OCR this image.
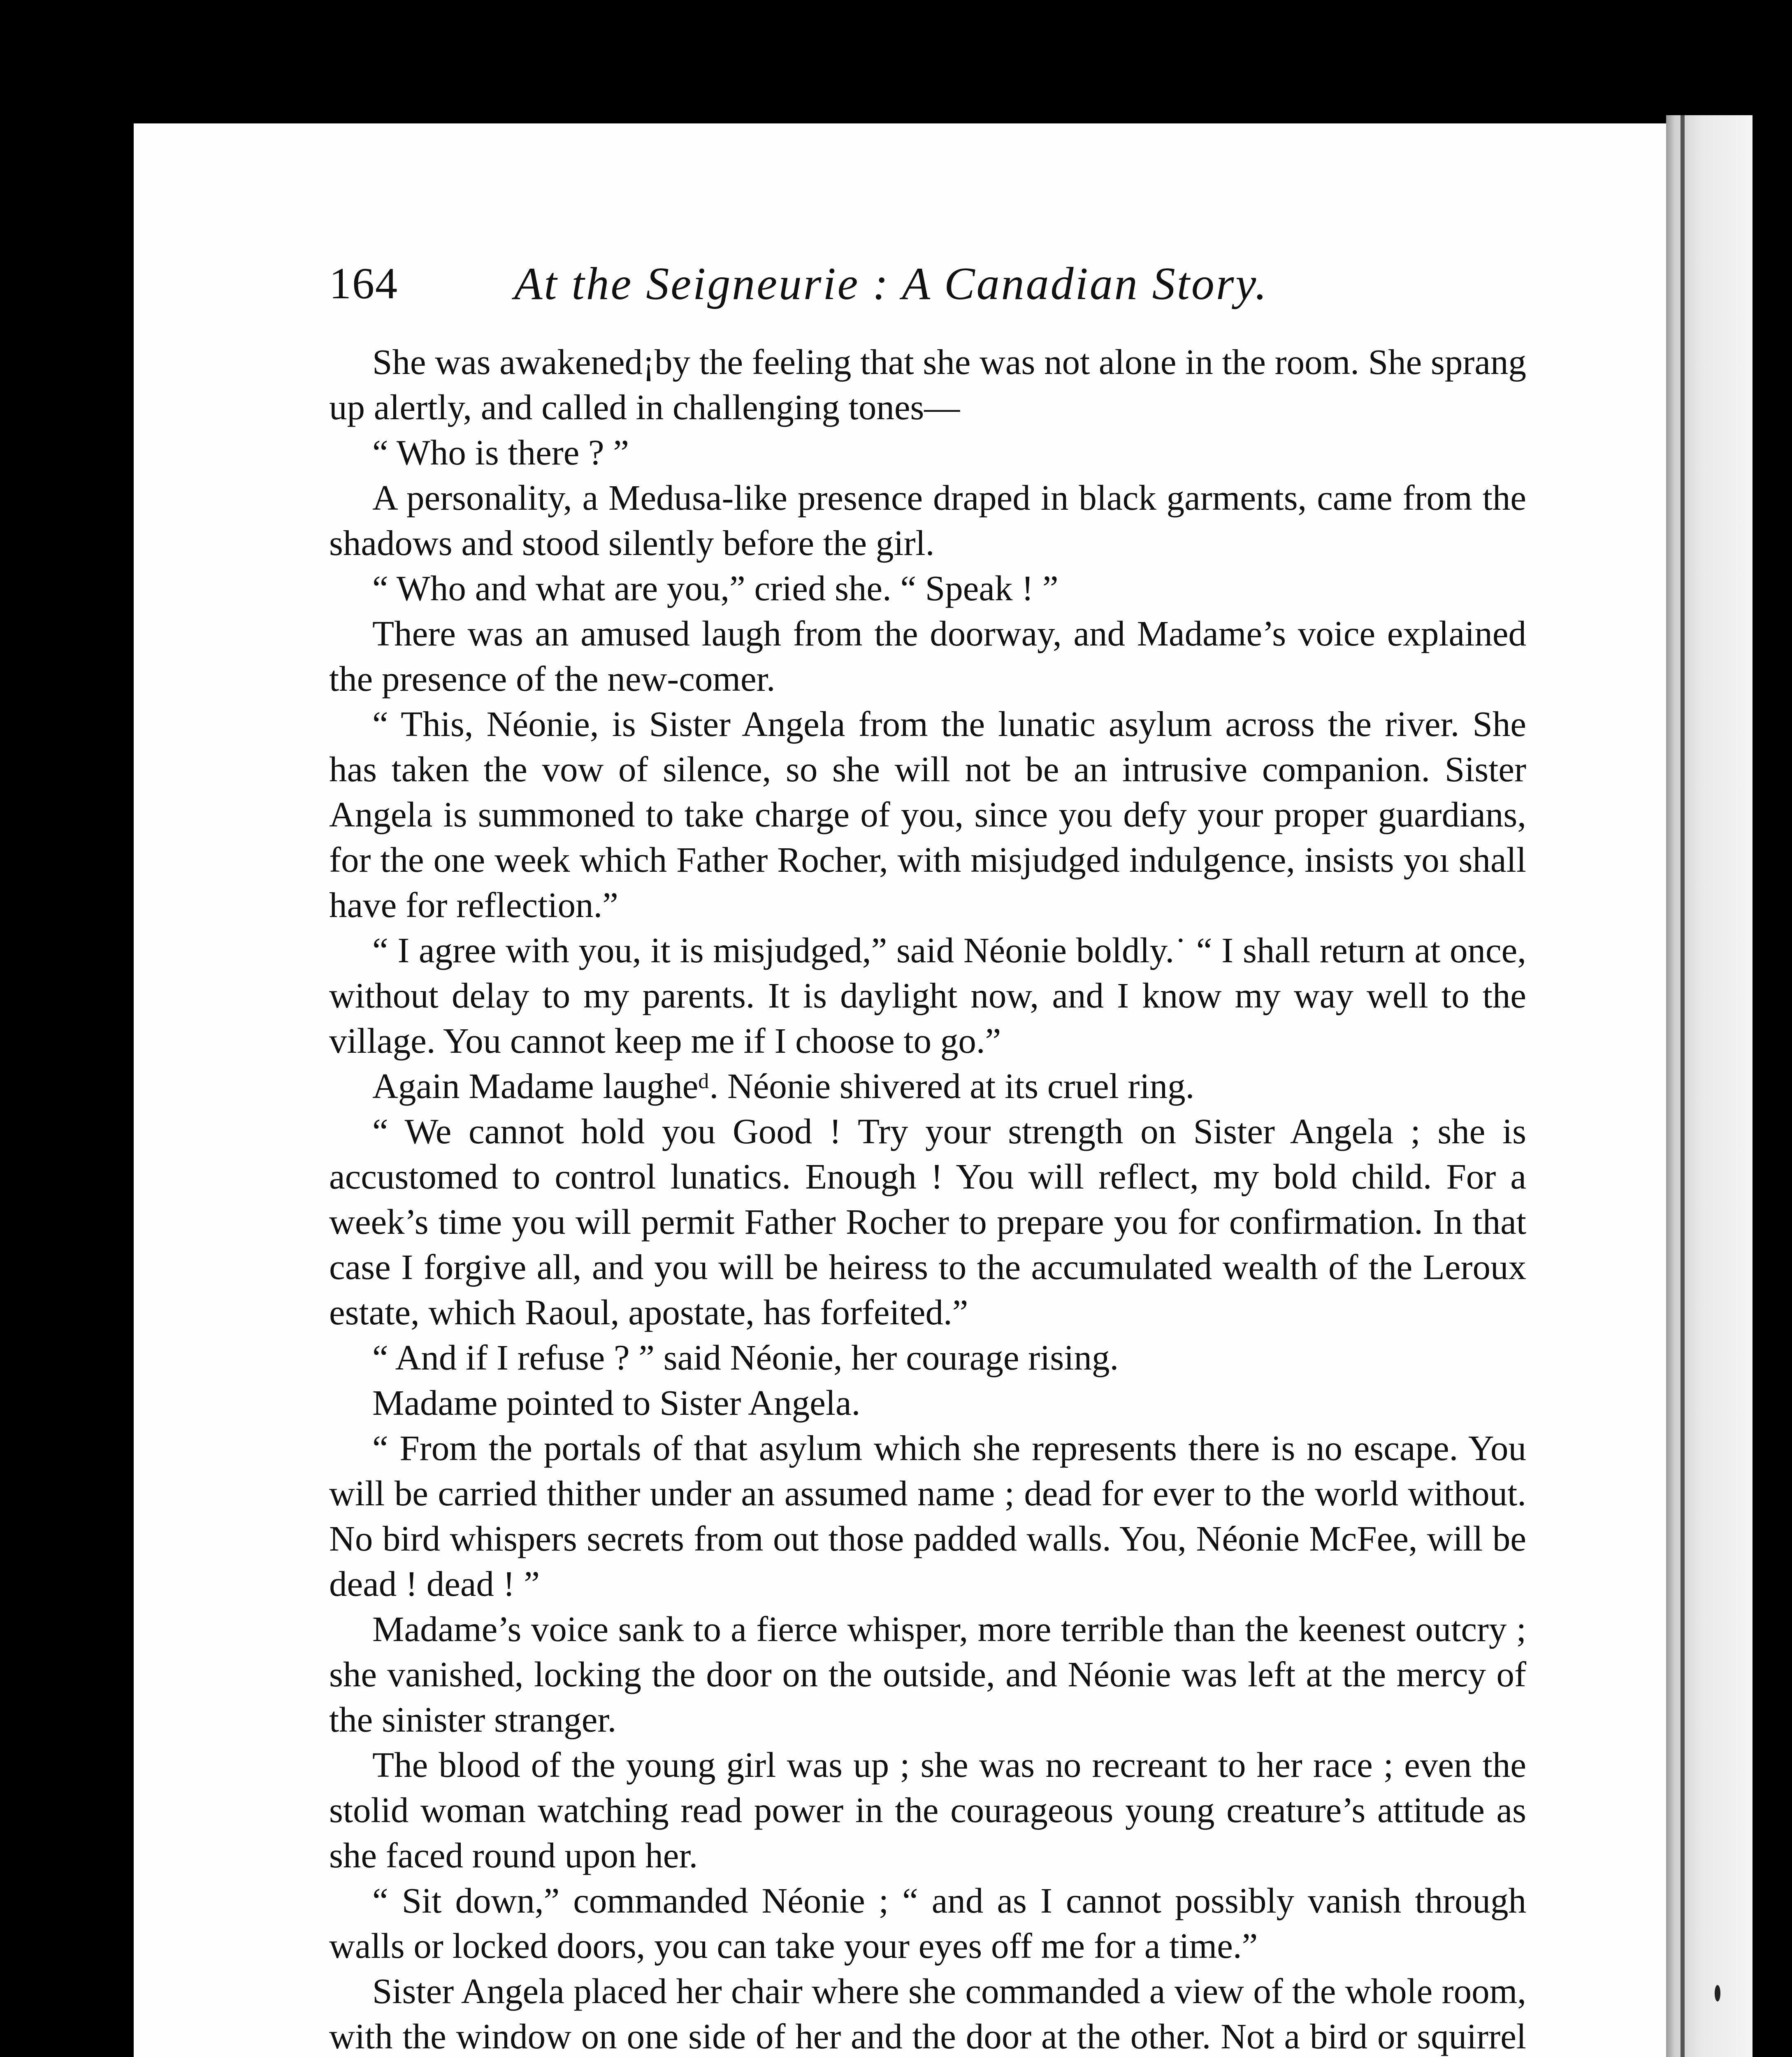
164	At the Seigneurie : A Canadian Story.

She was awakened¡by the feeling that she was not alone in the room. She sprang up alertly, and called in challenging tones—

“ Who is there ? ”

A personality, a Medusa-like presence draped in black garments, came from the shadows and stood silently before the girl.

“ Who and what are you,” cried she. “ Speak ! ”

There was an amused laugh from the doorway, and Madame’s voice explained the presence of the new-comer.

“ This, Néonie, is Sister Angela from the lunatic asylum across the river. She has taken the vow of silence, so she will not be an intrusive companion. Sister Angela is summoned to take charge of you, since you defy your proper guardians, for the one week which Father Rocher, with misjudged indulgence, insists yoı shall have for reflection.”

“ I agree with you, it is misjudged,” said Néonie boldly.˙ “ I shall return at once, without delay to my parents. It is daylight now, and I know my way well to the village. You cannot keep me if I choose to go.”

Again Madame laugheᵈ. Néonie shivered at its cruel ring.

“ We cannot hold you Good ! Try your strength on Sister Angela ; she is accustomed to control lunatics. Enough ! You will reflect, my bold child. For a week’s time you will permit Father Rocher to prepare you for confirmation. In that case I forgive all, and you will be heiress to the accumulated wealth of the Leroux estate, which Raoul, apostate, has forfeited.”

“ And if I refuse ? ” said Néonie, her courage rising.

Madame pointed to Sister Angela.

“ From the portals of that asylum which she represents there is no escape. You will be carried thither under an assumed name ; dead for ever to the world without. No bird whispers secrets from out those padded walls. You, Néonie McFee, will be dead ! dead ! ”

Madame’s voice sank to a fierce whisper, more terrible than the keenest outcry ; she vanished, locking the door on the outside, and Néonie was left at the mercy of the sinister stranger.

The blood of the young girl was up ; she was no recreant to her race ; even the stolid woman watching read power in the courageous young creature’s attitude as she faced round upon her.

“ Sit down,” commanded Néonie ; “ and as I cannot possibly vanish through walls or locked doors, you can take your eyes off me for a time.”

Sister Angela placed her chair where she commanded a view of the whole room, with the window on one side of her and the door at the other. Not a bird or squirrel
